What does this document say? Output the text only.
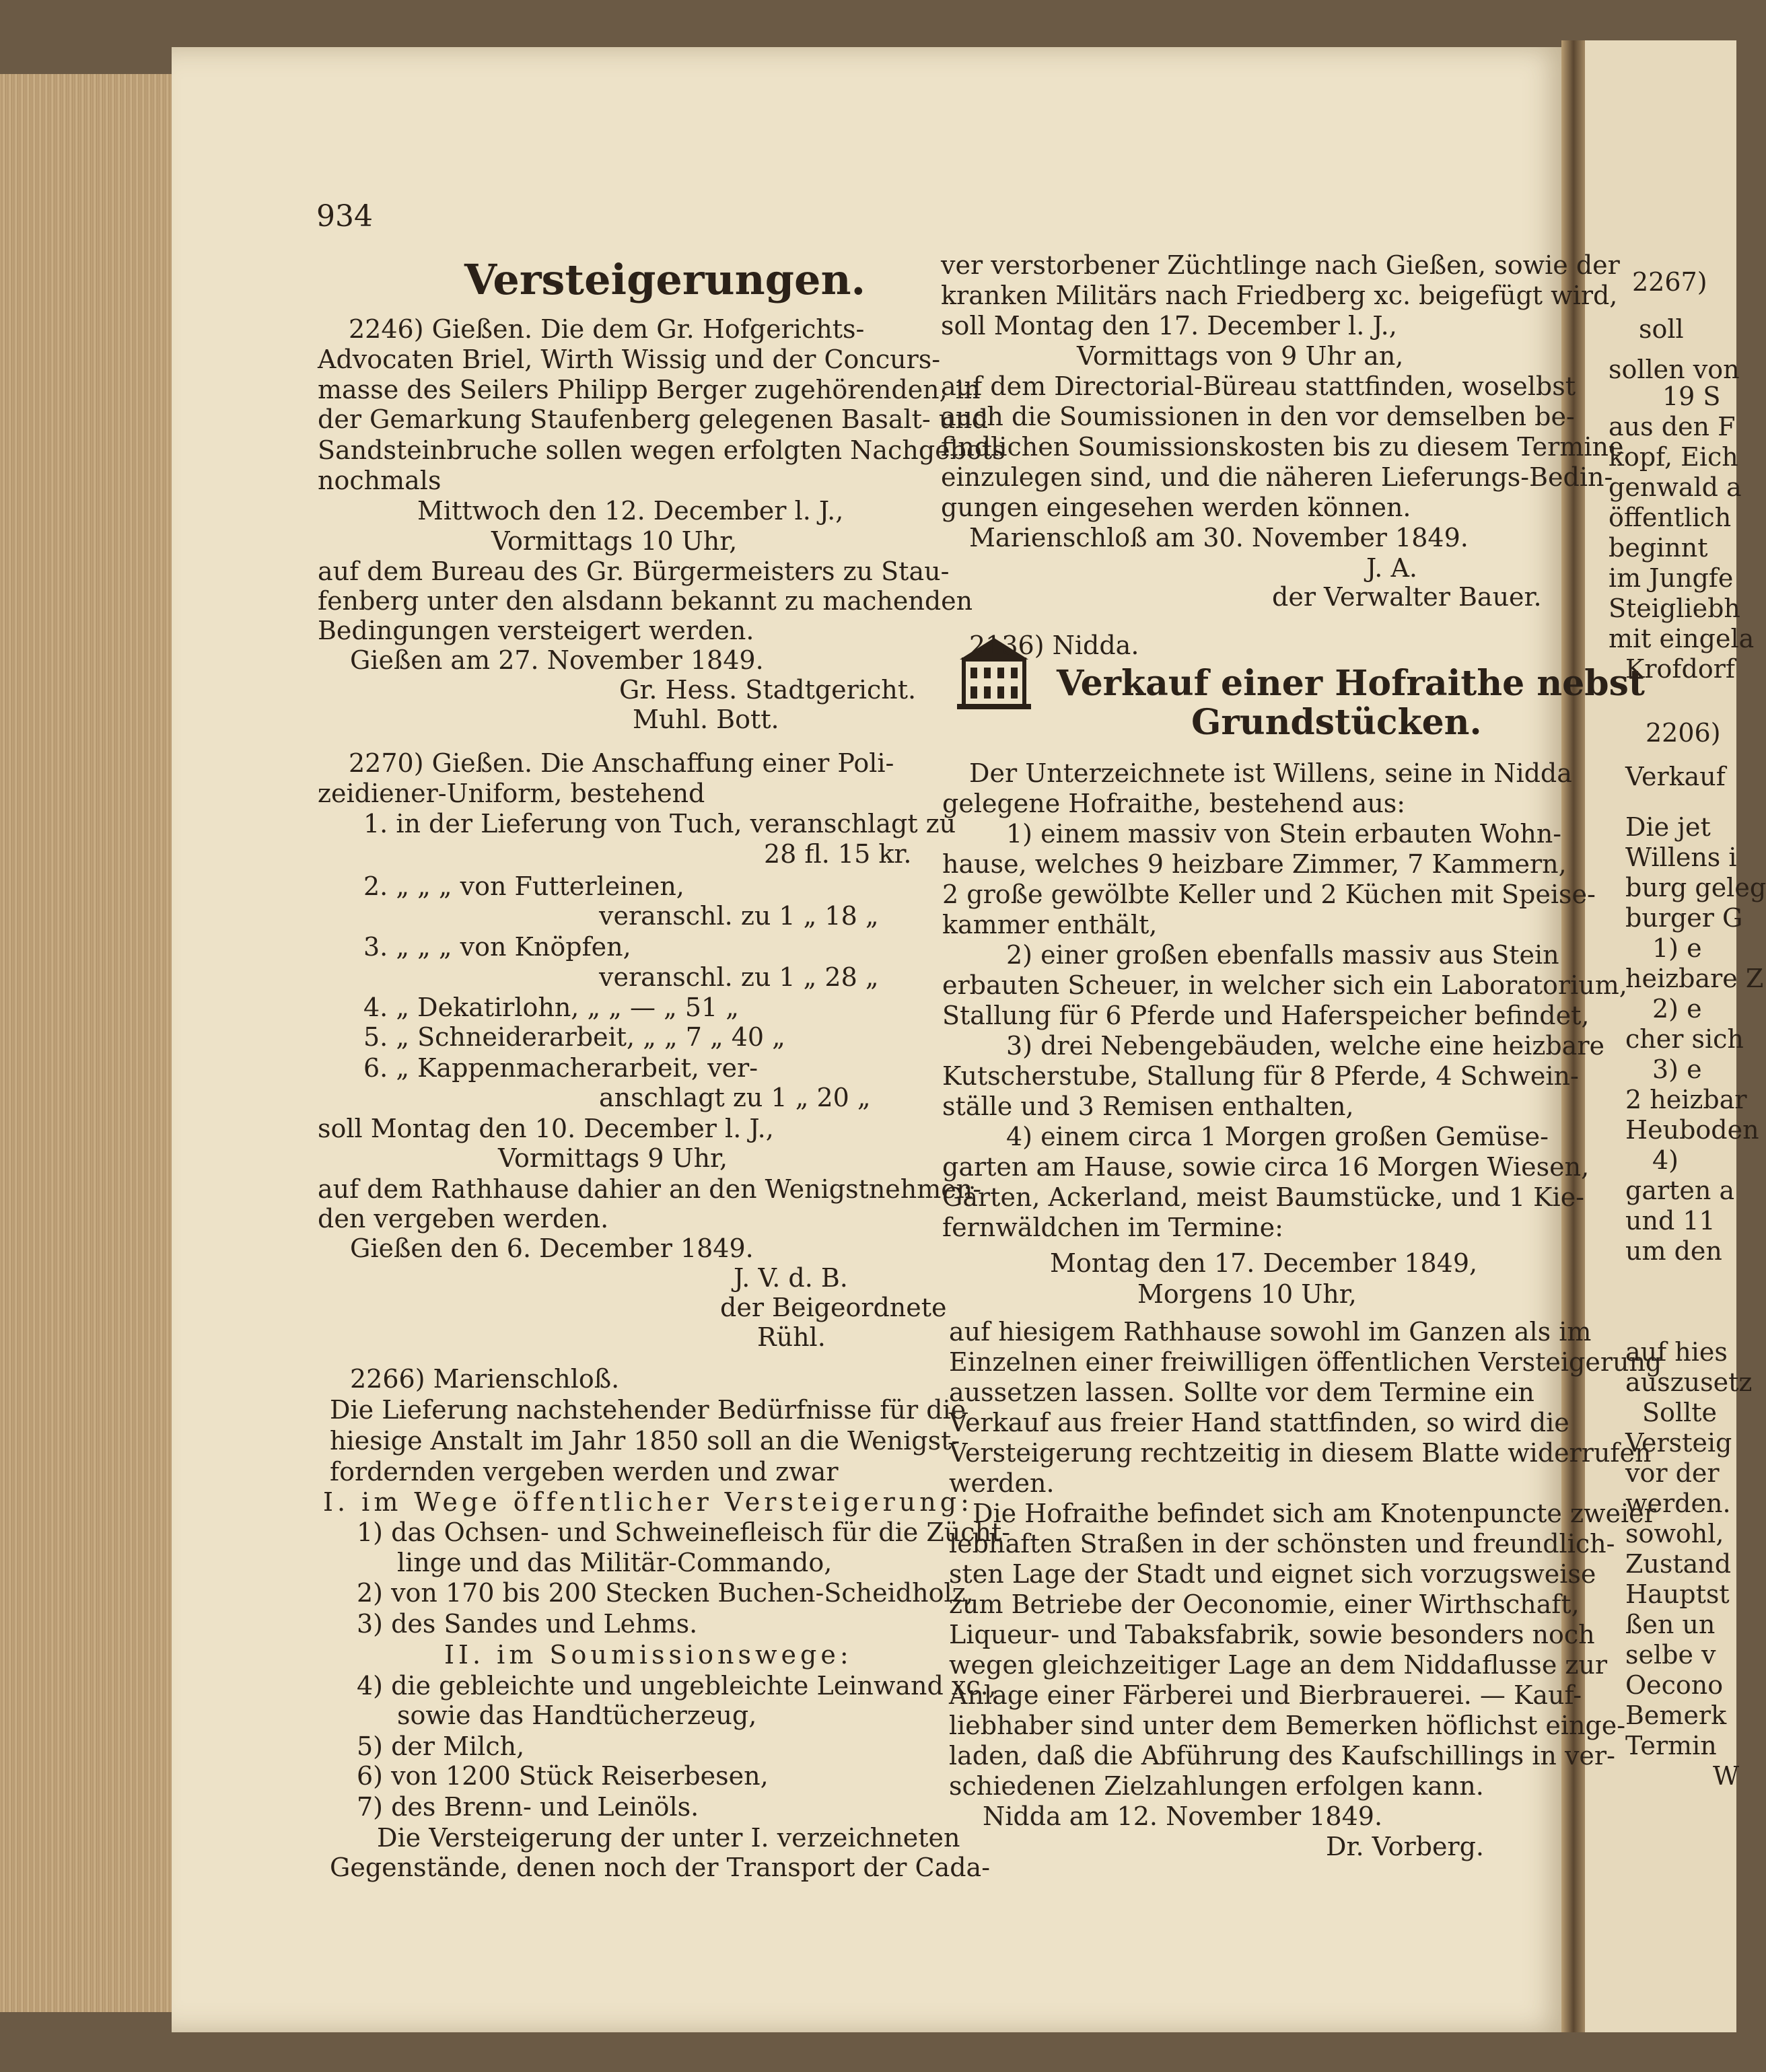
2267)
soll
sollen von
19 S
aus den F
kopf, Eich
genwald a
öffentlich
beginnt
im Jungfe
Steigliebh
mit eingela
Krofdorf
2206)
Verkauf
Die jet
Willens i
burg geleg
burger G
1) e
heizbare Z
2) e
cher sich
3) e
2 heizbar
Heuboden
4)
garten a
und 11
um den
auf hies
auszusetz
Sollte
Versteig
vor der
werden.
sowohl,
Zustand
Hauptst
ßen un
selbe v
Oecono
Bemerk
Termin
W
934
Versteigerungen.
2246) Gießen. Die dem Gr. Hofgerichts-
Advocaten Briel, Wirth Wissig und der Concurs-
masse des Seilers Philipp Berger zugehörenden, in
der Gemarkung Staufenberg gelegenen Basalt- und
Sandsteinbruche sollen wegen erfolgten Nachgebots
nochmals
Mittwoch den 12. December l. J.,
Vormittags 10 Uhr,
auf dem Bureau des Gr. Bürgermeisters zu Stau-
fenberg unter den alsdann bekannt zu machenden
Bedingungen versteigert werden.
Gießen am 27. November 1849.
Gr. Hess. Stadtgericht.
Muhl. Bott.
2270) Gießen. Die Anschaffung einer Poli-
zeidiener-Uniform, bestehend
1. in der Lieferung von Tuch, veranschlagt zu
28 fl. 15 kr.
2. „ „ „ von Futterleinen,
veranschl. zu 1 „ 18 „
3. „ „ „ von Knöpfen,
veranschl. zu 1 „ 28 „
4. „ Dekatirlohn, „ „ — „ 51 „
5. „ Schneiderarbeit, „ „ 7 „ 40 „
6. „ Kappenmacherarbeit, ver-
anschlagt zu 1 „ 20 „
soll Montag den 10. December l. J.,
Vormittags 9 Uhr,
auf dem Rathhause dahier an den Wenigstnehmen-
den vergeben werden.
Gießen den 6. December 1849.
J. V. d. B.
der Beigeordnete
Rühl.
2266) Marienschloß.
Die Lieferung nachstehender Bedürfnisse für die
hiesige Anstalt im Jahr 1850 soll an die Wenigst-
fordernden vergeben werden und zwar
I. im Wege öffentlicher Versteigerung:
1) das Ochsen- und Schweinefleisch für die Zücht-
linge und das Militär-Commando,
2) von 170 bis 200 Stecken Buchen-Scheidholz,
3) des Sandes und Lehms.
II. im Soumissionswege:
4) die gebleichte und ungebleichte Leinwand xc.,
sowie das Handtücherzeug,
5) der Milch,
6) von 1200 Stück Reiserbesen,
7) des Brenn- und Leinöls.
Die Versteigerung der unter I. verzeichneten
Gegenstände, denen noch der Transport der Cada-
ver verstorbener Züchtlinge nach Gießen, sowie der
kranken Militärs nach Friedberg xc. beigefügt wird,
soll Montag den 17. December l. J.,
Vormittags von 9 Uhr an,
auf dem Directorial-Büreau stattfinden, woselbst
auch die Soumissionen in den vor demselben be-
findlichen Soumissionskosten bis zu diesem Termine
einzulegen sind, und die näheren Lieferungs-Bedin-
gungen eingesehen werden können.
Marienschloß am 30. November 1849.
J. A.
der Verwalter Bauer.
2136) Nidda.
Verkauf einer Hofraithe nebst
Grundstücken.
Der Unterzeichnete ist Willens, seine in Nidda
gelegene Hofraithe, bestehend aus:
1) einem massiv von Stein erbauten Wohn-
hause, welches 9 heizbare Zimmer, 7 Kammern,
2 große gewölbte Keller und 2 Küchen mit Speise-
kammer enthält,
2) einer großen ebenfalls massiv aus Stein
erbauten Scheuer, in welcher sich ein Laboratorium,
Stallung für 6 Pferde und Haferspeicher befindet,
3) drei Nebengebäuden, welche eine heizbare
Kutscherstube, Stallung für 8 Pferde, 4 Schwein-
ställe und 3 Remisen enthalten,
4) einem circa 1 Morgen großen Gemüse-
garten am Hause, sowie circa 16 Morgen Wiesen,
Gärten, Ackerland, meist Baumstücke, und 1 Kie-
fernwäldchen im Termine:
Montag den 17. December 1849,
Morgens 10 Uhr,
auf hiesigem Rathhause sowohl im Ganzen als im
Einzelnen einer freiwilligen öffentlichen Versteigerung
aussetzen lassen. Sollte vor dem Termine ein
Verkauf aus freier Hand stattfinden, so wird die
Versteigerung rechtzeitig in diesem Blatte widerrufen
werden.
Die Hofraithe befindet sich am Knotenpuncte zweier
lebhaften Straßen in der schönsten und freundlich-
sten Lage der Stadt und eignet sich vorzugsweise
zum Betriebe der Oeconomie, einer Wirthschaft,
Liqueur- und Tabaksfabrik, sowie besonders noch
wegen gleichzeitiger Lage an dem Niddaflusse zur
Anlage einer Färberei und Bierbrauerei. — Kauf-
liebhaber sind unter dem Bemerken höflichst einge-
laden, daß die Abführung des Kaufschillings in ver-
schiedenen Zielzahlungen erfolgen kann.
Nidda am 12. November 1849.
Dr. Vorberg.
